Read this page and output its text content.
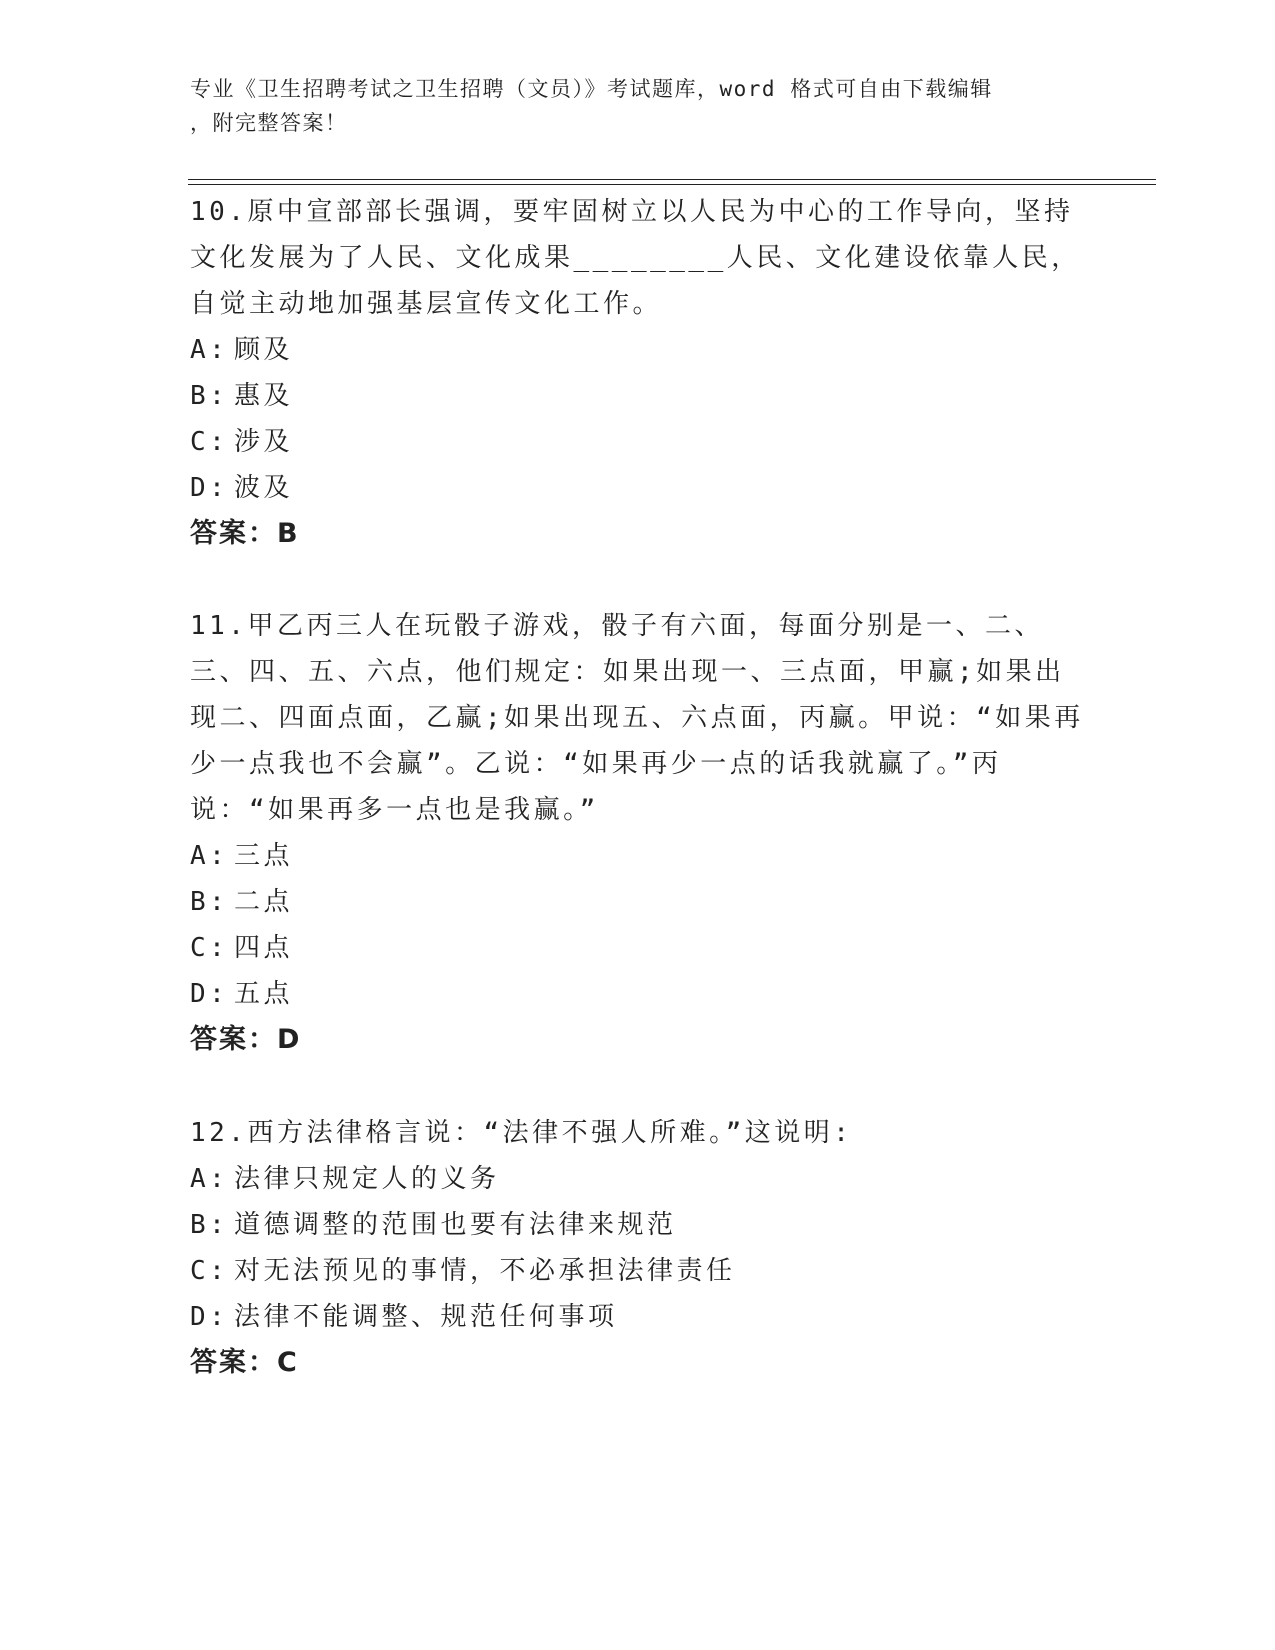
专业《卫生招聘考试之卫生招聘（文员）》考试题库，word 格式可自由下载编辑
，附完整答案！

10.原中宣部部长强调，要牢固树立以人民为中心的工作导向，坚持文化发展为了人民、文化成果________人民、文化建设依靠人民，自觉主动地加强基层宣传文化工作。

A: 顾及

B: 惠及

C: 涉及

D: 波及

答案：B

11.甲乙丙三人在玩骰子游戏，骰子有六面，每面分别是一、二、三、四、五、六点，他们规定：如果出现一、三点面，甲赢;如果出现二、四面点面，乙赢;如果出现五、六点面，丙赢。甲说：“如果再少一点我也不会赢”。乙说：“如果再少一点的话我就赢了。”丙说：“如果再多一点也是我赢。”

A: 三点

B: 二点

C: 四点

D: 五点

答案：D

12.西方法律格言说：“法律不强人所难。”这说明:

A: 法律只规定人的义务

B: 道德调整的范围也要有法律来规范

C: 对无法预见的事情，不必承担法律责任

D: 法律不能调整、规范任何事项

答案：C
